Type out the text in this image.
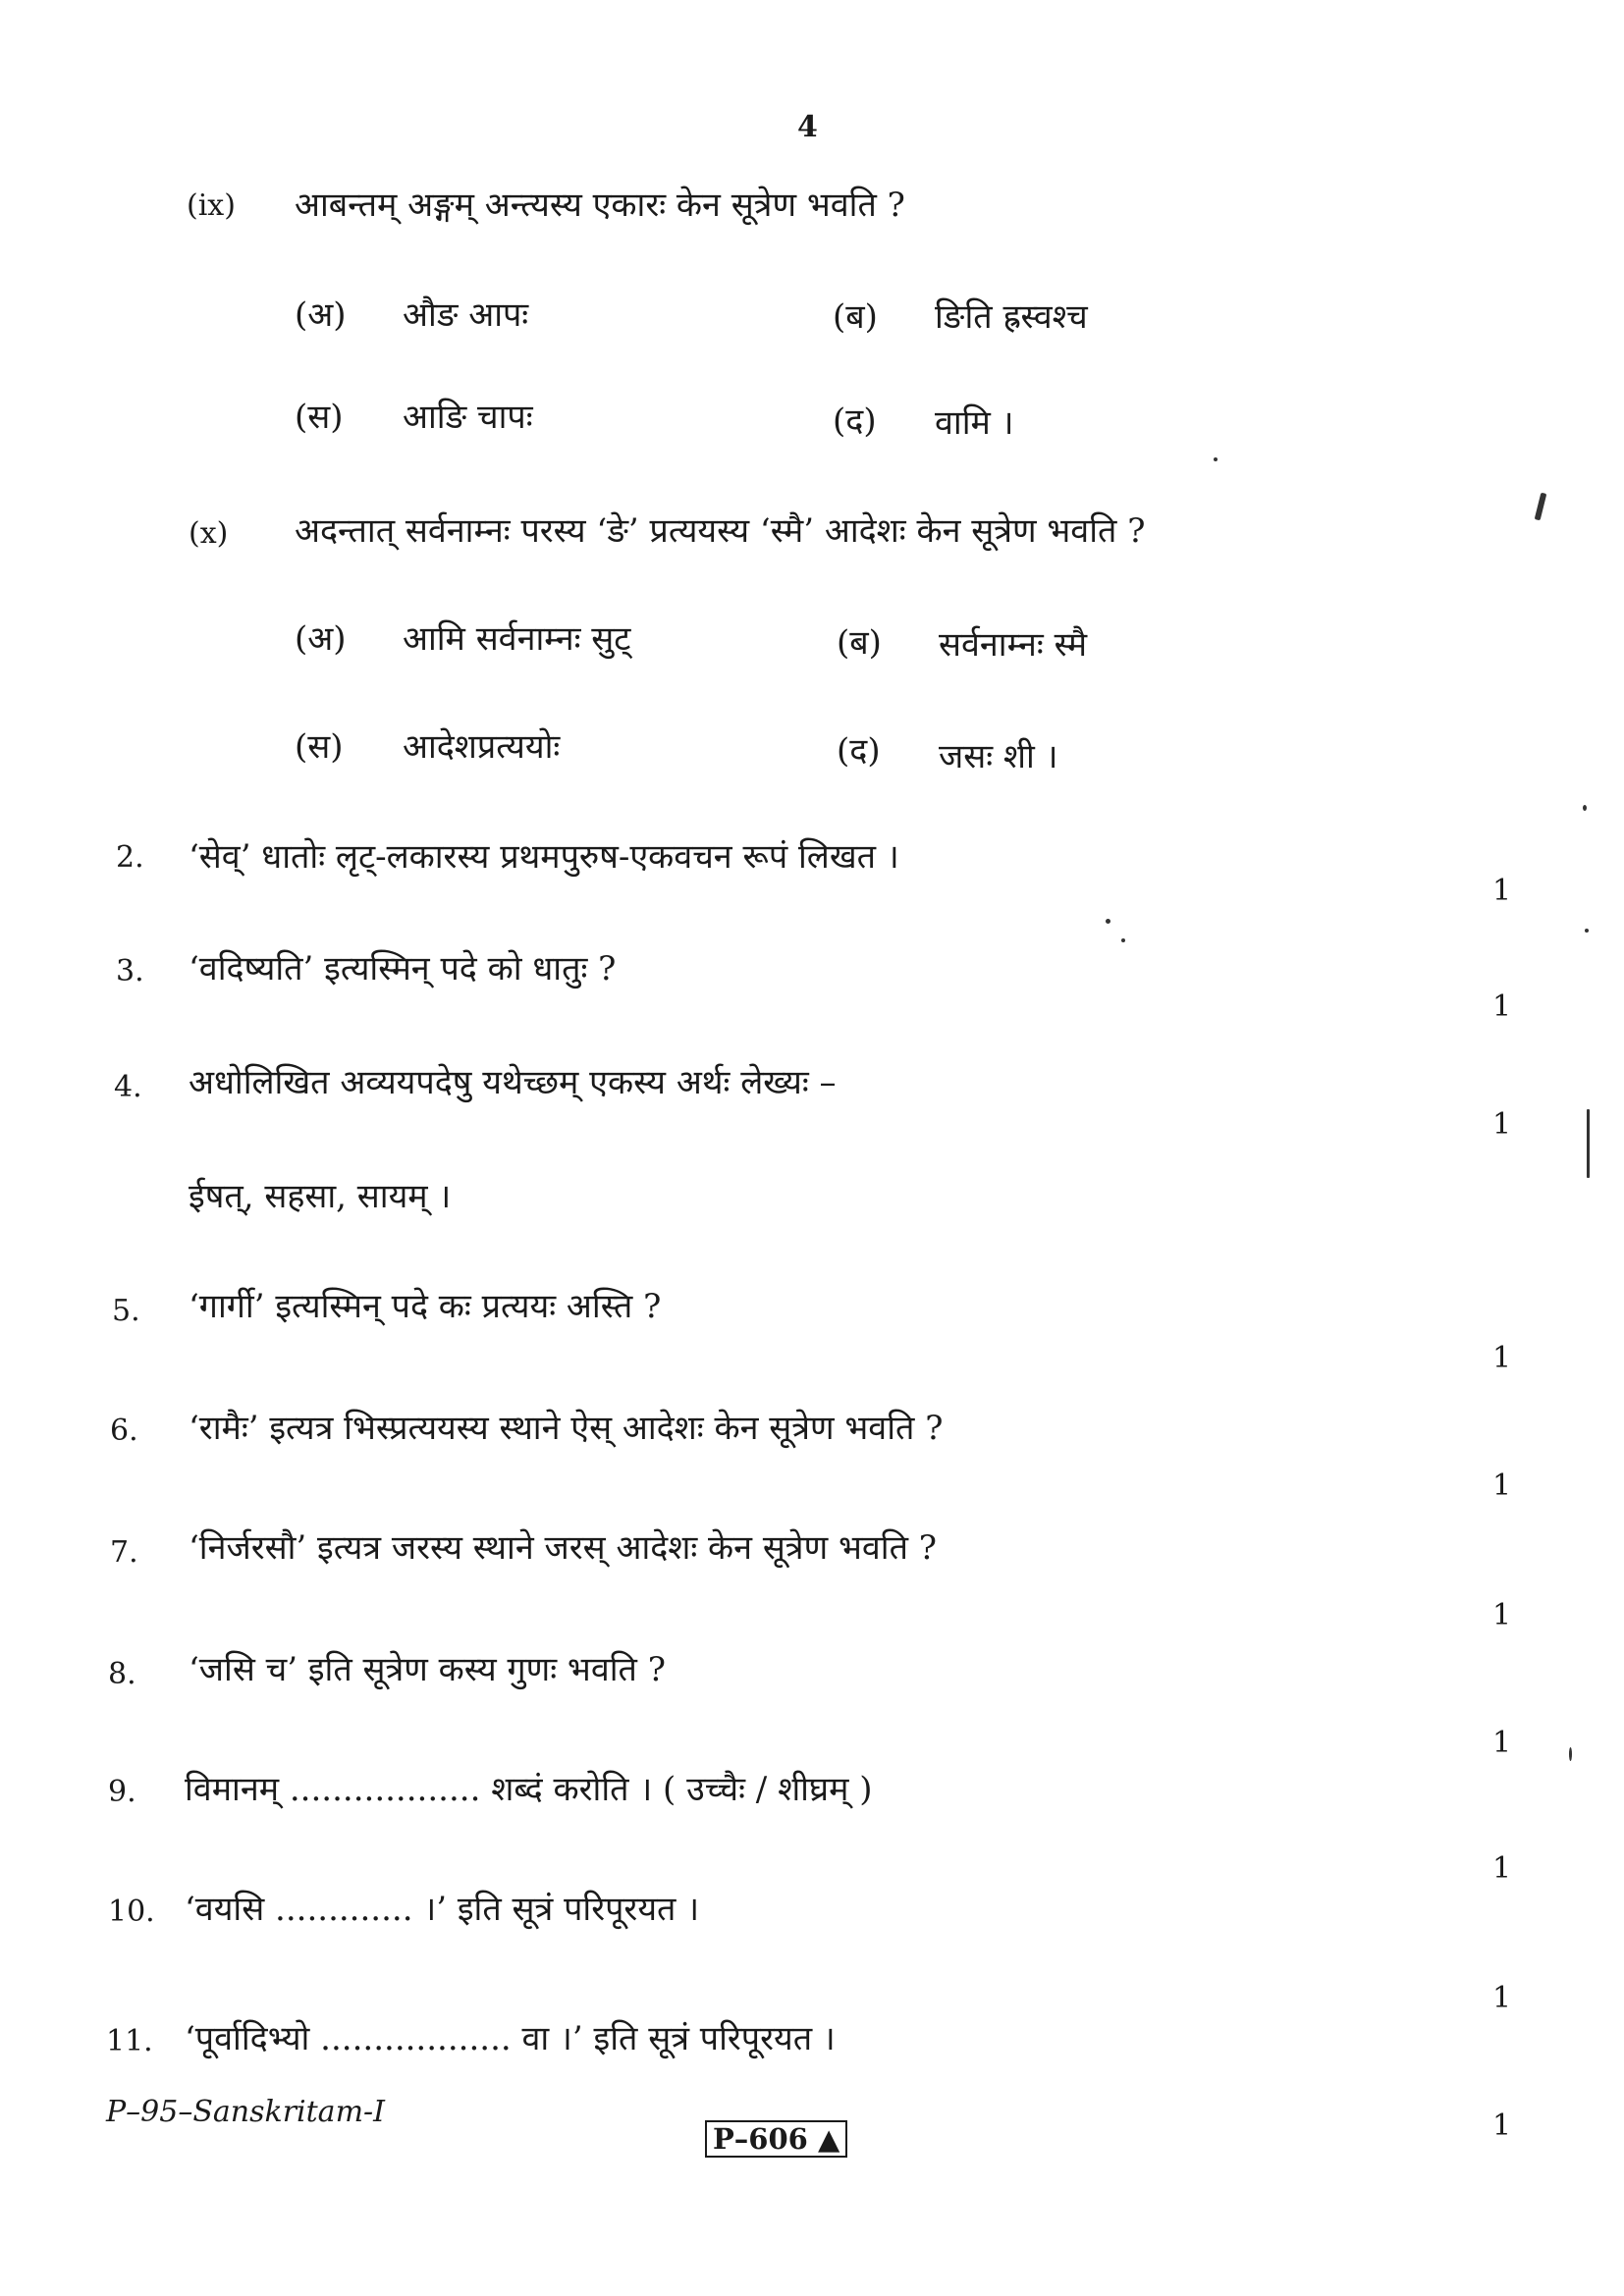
4
(ix) आबन्तम् अङ्गम् अन्त्यस्य एकारः केन सूत्रेण भवति ?
(अ) औङ आपः	(ब) ङिति ह्रस्वश्च
(स) आङि चापः	(द) वामि ।
(x) अदन्तात् सर्वनाम्नः परस्य ‘ङे’ प्रत्ययस्य ‘स्मै’ आदेशः केन सूत्रेण भवति ?
(अ) आमि सर्वनाम्नः सुट्	(ब) सर्वनाम्नः स्मै
(स) आदेशप्रत्ययोः	(द) जसः शी ।
2. ‘सेव्’ धातोः लृट्-लकारस्य प्रथमपुरुष-एकवचन रूपं लिखत ।
1
3. ‘वदिष्यति’ इत्यस्मिन् पदे को धातुः ?
1
4. अधोलिखित अव्ययपदेषु यथेच्छम् एकस्य अर्थः लेख्यः –
ईषत्, सहसा, सायम् ।
1
5. ‘गार्गी’ इत्यस्मिन् पदे कः प्रत्ययः अस्ति ?
1
6. ‘रामैः’ इत्यत्र भिस्प्रत्ययस्य स्थाने ऐस् आदेशः केन सूत्रेण भवति ?
1
7. ‘निर्जरसौ’ इत्यत्र जरस्य स्थाने जरस् आदेशः केन सूत्रेण भवति ?
1
8. ‘जसि च’ इति सूत्रेण कस्य गुणः भवति ?
1
9. विमानम् .................. शब्दं करोति । ( उच्चैः / शीघ्रम् )
1
10. ‘वयसि ............. ।’ इति सूत्रं परिपूरयत ।
1
11. ‘पूर्वादिभ्यो .................. वा ।’ इति सूत्रं परिपूरयत ।
1
P–95–Sanskritam-I
P–606 ▲
